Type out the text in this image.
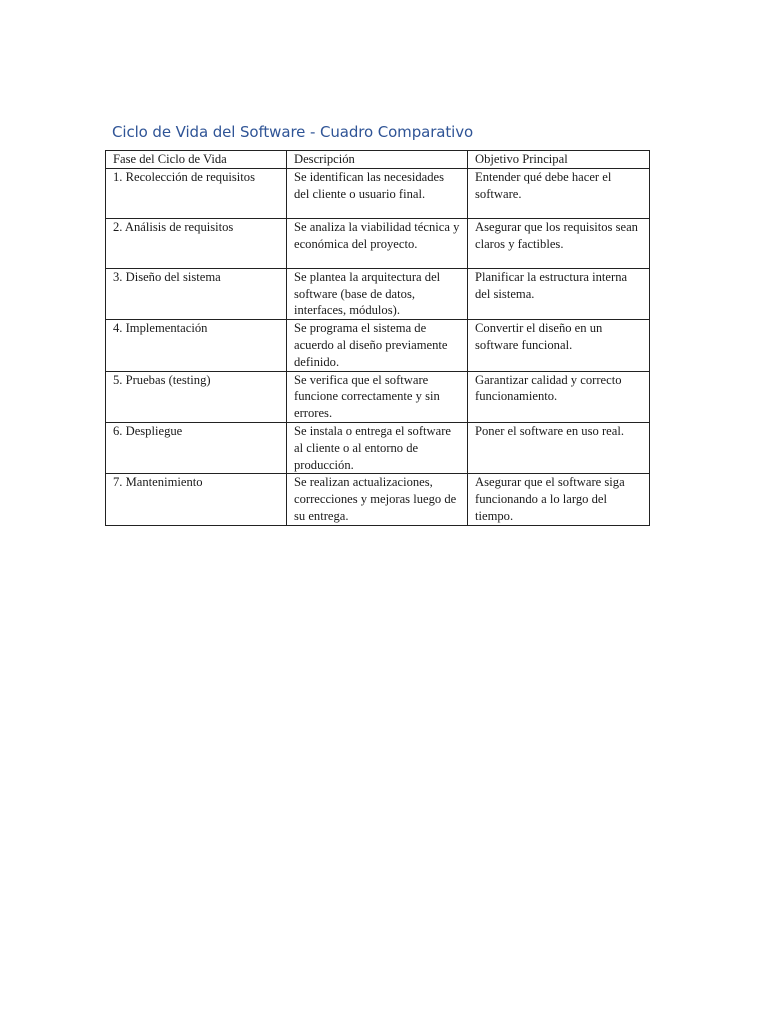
Ciclo de Vida del Software - Cuadro Comparativo
Fase del Ciclo de Vida	Descripción	Objetivo Principal
1. Recolección de requisitos	Se identifican las necesidades del cliente o usuario final.	Entender qué debe hacer el software.
2. Análisis de requisitos	Se analiza la viabilidad técnica y económica del proyecto.	Asegurar que los requisitos sean claros y factibles.
3. Diseño del sistema	Se plantea la arquitectura del software (base de datos, interfaces, módulos).	Planificar la estructura interna del sistema.
4. Implementación	Se programa el sistema de acuerdo al diseño previamente definido.	Convertir el diseño en un software funcional.
5. Pruebas (testing)	Se verifica que el software funcione correctamente y sin errores.	Garantizar calidad y correcto funcionamiento.
6. Despliegue	Se instala o entrega el software al cliente o al entorno de producción.	Poner el software en uso real.
7. Mantenimiento	Se realizan actualizaciones, correcciones y mejoras luego de su entrega.	Asegurar que el software siga funcionando a lo largo del tiempo.
